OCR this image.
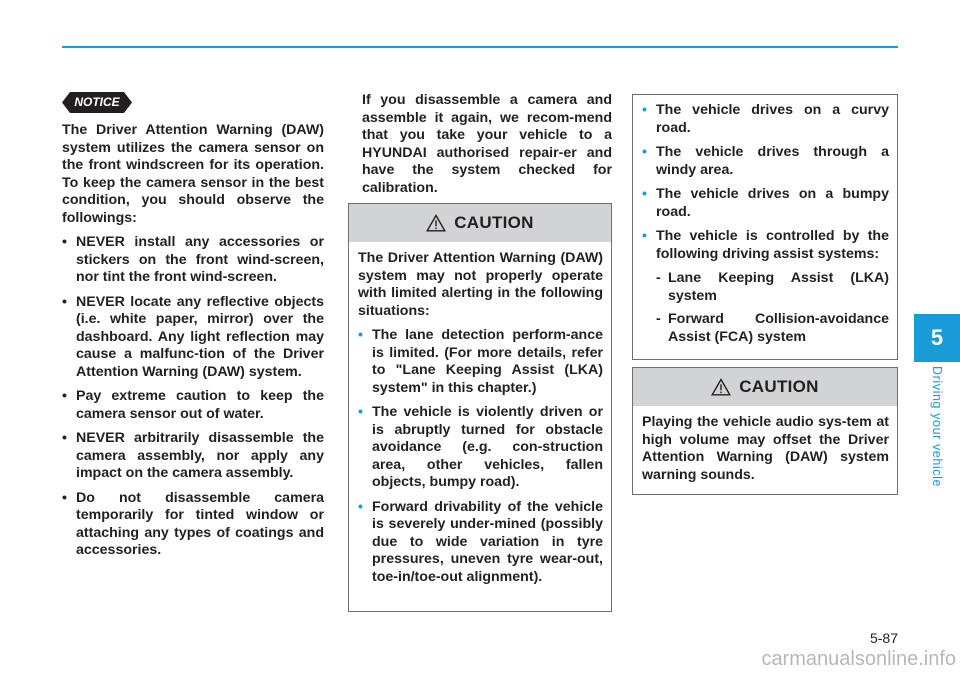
5
Driving your vehicle
NOTICE

The Driver Attention Warning (DAW) system utilizes the camera sensor on the front windscreen for its operation. To keep the camera sensor in the best condition, you should observe the followings:

• NEVER install any accessories or stickers on the front wind-screen, nor tint the front wind-screen.
• NEVER locate any reflective objects (i.e. white paper, mirror) over the dashboard. Any light reflection may cause a malfunc-tion of the Driver Attention Warning (DAW) system.
• Pay extreme caution to keep the camera sensor out of water.
• NEVER arbitrarily disassemble the camera assembly, nor apply any impact on the camera assembly.
• Do not disassemble camera temporarily for tinted window or attaching any types of coatings and accessories.

If you disassemble a camera and assemble it again, we recom-mend that you take your vehicle to a HYUNDAI authorised repair-er and have the system checked for calibration.

CAUTION

The Driver Attention Warning (DAW) system may not properly operate with limited alerting in the following situations:

• The lane detection perform-ance is limited. (For more details, refer to "Lane Keeping Assist (LKA) system" in this chapter.)
• The vehicle is violently driven or is abruptly turned for obstacle avoidance (e.g. con-struction area, other vehicles, fallen objects, bumpy road).
• Forward drivability of the vehicle is severely under-mined (possibly due to wide variation in tyre pressures, uneven tyre wear-out, toe-in/toe-out alignment).
• The vehicle drives on a curvy road.
• The vehicle drives through a windy area.
• The vehicle drives on a bumpy road.
• The vehicle is controlled by the following driving assist systems:
- Lane Keeping Assist (LKA) system
- Forward Collision-avoidance Assist (FCA) system
CAUTION

Playing the vehicle audio sys-tem at high volume may offset the Driver Attention Warning (DAW) system warning sounds.

5-87
carmanualsonline.info
